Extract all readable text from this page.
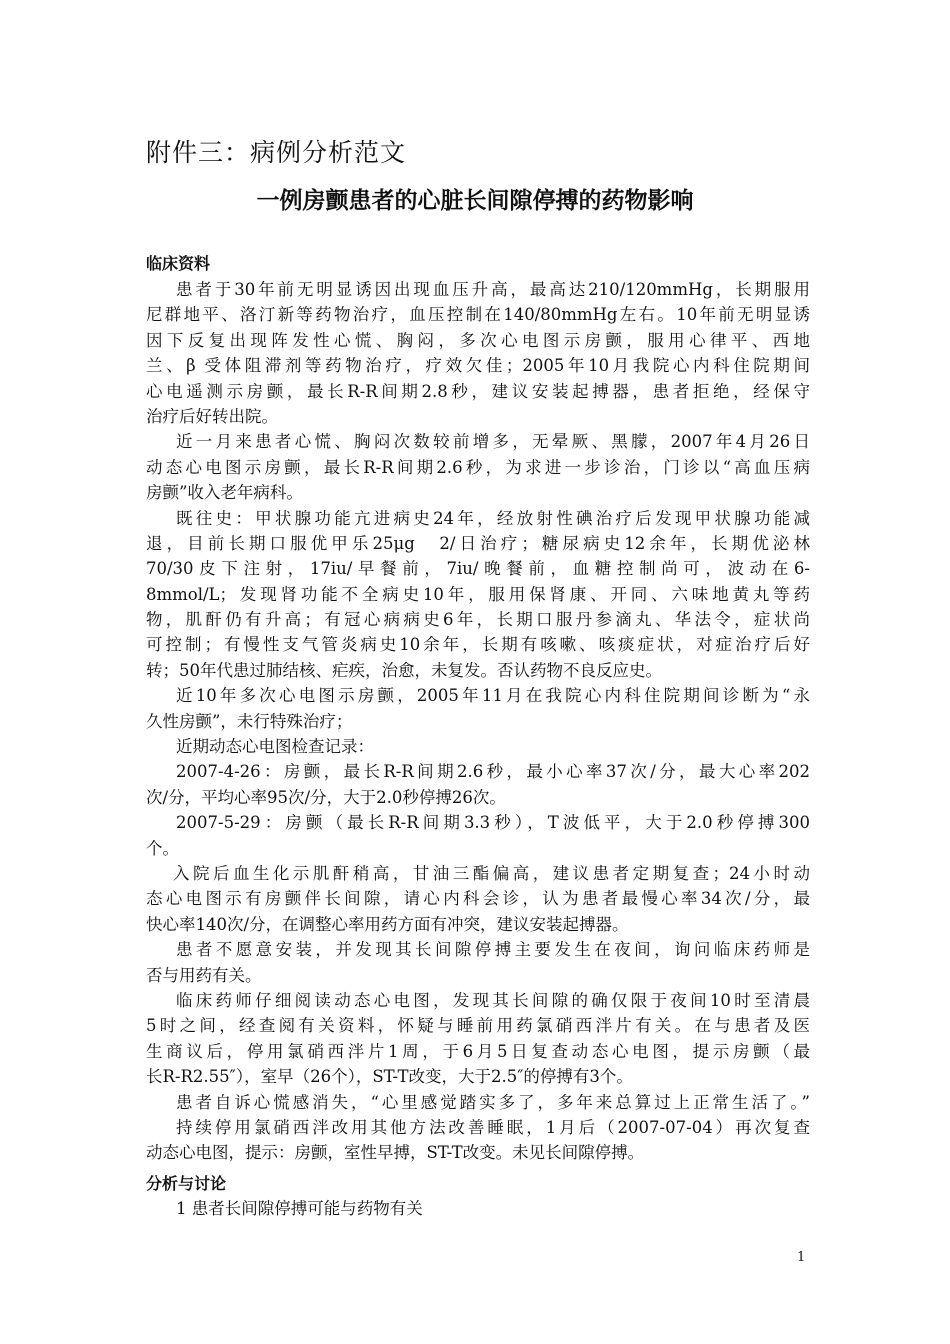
附件三：病例分析范文
一例房颤患者的心脏长间隙停搏的药物影响
临床资料
患者于30年前无明显诱因出现血压升高，最高达210/120mmHg，长期服用
尼群地平、洛汀新等药物治疗，血压控制在140/80mmHg左右。10年前无明显诱
因下反复出现阵发性心慌、胸闷，多次心电图示房颤，服用心律平、西地
兰、β 受体阻滞剂等药物治疗，疗效欠佳；2005年10月我院心内科住院期间
心电遥测示房颤，最长R-R间期2.8秒，建议安装起搏器，患者拒绝，经保守
治疗后好转出院。
近一月来患者心慌、胸闷次数较前增多，无晕厥、黑朦，2007年4月26日
动态心电图示房颤，最长R-R间期2.6秒，为求进一步诊治，门诊以“高血压病
房颤”收入老年病科。
既往史：甲状腺功能亢进病史24年，经放射性碘治疗后发现甲状腺功能减
退，目前长期口服优甲乐25μg　2/日治疗；糖尿病史12余年，长期优泌林
70/30皮下注射，17iu/早餐前，7iu/晚餐前，血糖控制尚可，波动在6-
8mmol/L；发现肾功能不全病史10年，服用保肾康、开同、六味地黄丸等药
物，肌酐仍有升高；有冠心病病史6年，长期口服丹参滴丸、华法令，症状尚
可控制；有慢性支气管炎病史10余年，长期有咳嗽、咳痰症状，对症治疗后好
转；50年代患过肺结核、疟疾，治愈，未复发。否认药物不良反应史。
近10年多次心电图示房颤，2005年11月在我院心内科住院期间诊断为“永
久性房颤”，未行特殊治疗；
近期动态心电图检查记录：
2007-4-26：房颤，最长R-R间期2.6秒，最小心率37次/分，最大心率202
次/分，平均心率95次/分，大于2.0秒停搏26次。
2007-5-29：房颤（最长R-R间期3.3秒），T波低平，大于2.0秒停搏300
个。
入院后血生化示肌酐稍高，甘油三酯偏高，建议患者定期复查；24小时动
态心电图示有房颤伴长间隙，请心内科会诊，认为患者最慢心率34次/分，最
快心率140次/分，在调整心率用药方面有冲突，建议安装起搏器。
患者不愿意安装，并发现其长间隙停搏主要发生在夜间，询问临床药师是
否与用药有关。
临床药师仔细阅读动态心电图，发现其长间隙的确仅限于夜间10时至清晨
5时之间，经查阅有关资料，怀疑与睡前用药氯硝西泮片有关。在与患者及医
生商议后，停用氯硝西泮片1周，于6月5日复查动态心电图，提示房颤（最
长R-R2.55″），室早（26个），ST-T改变，大于2.5″的停搏有3个。
患者自诉心慌感消失，“心里感觉踏实多了，多年来总算过上正常生活了。”
持续停用氯硝西泮改用其他方法改善睡眠，1月后（2007-07-04）再次复查
动态心电图，提示：房颤，室性早搏，ST-T改变。未见长间隙停搏。
分析与讨论
1 患者长间隙停搏可能与药物有关
1
